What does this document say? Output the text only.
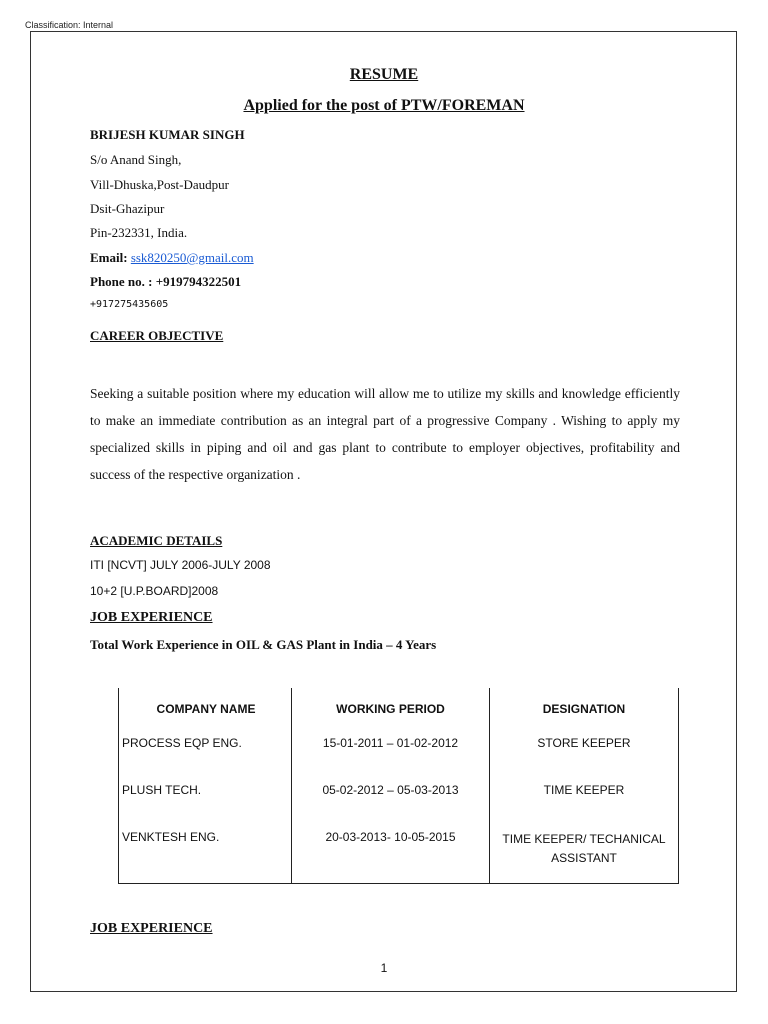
Classification: Internal
RESUME
Applied for the post of PTW/FOREMAN
BRIJESH KUMAR SINGH
S/o Anand Singh,
Vill-Dhuska,Post-Daudpur
Dsit-Ghazipur
Pin-232331, India.
Email: ssk820250@gmail.com
Phone no. : +919794322501
+917275435605
CAREER OBJECTIVE
Seeking a suitable position where my education will allow me to utilize my skills and knowledge efficiently to make an immediate contribution as an integral part of a progressive Company . Wishing to apply my specialized skills in piping and oil and gas plant to contribute to employer objectives, profitability and success of the respective organization .
ACADEMIC DETAILS
ITI [NCVT] JULY 2006-JULY 2008
10+2 [U.P.BOARD]2008
JOB EXPERIENCE
Total Work Experience in OIL & GAS Plant in India – 4 Years
COMPANY NAME	WORKING PERIOD	DESIGNATION
PROCESS EQP ENG.	15-01-2011 – 01-02-2012	STORE KEEPER
PLUSH TECH.	05-02-2012 – 05-03-2013	TIME KEEPER
VENKTESH ENG.	20-03-2013- 10-05-2015	TIME KEEPER/ TECHANICAL ASSISTANT
JOB EXPERIENCE
1
